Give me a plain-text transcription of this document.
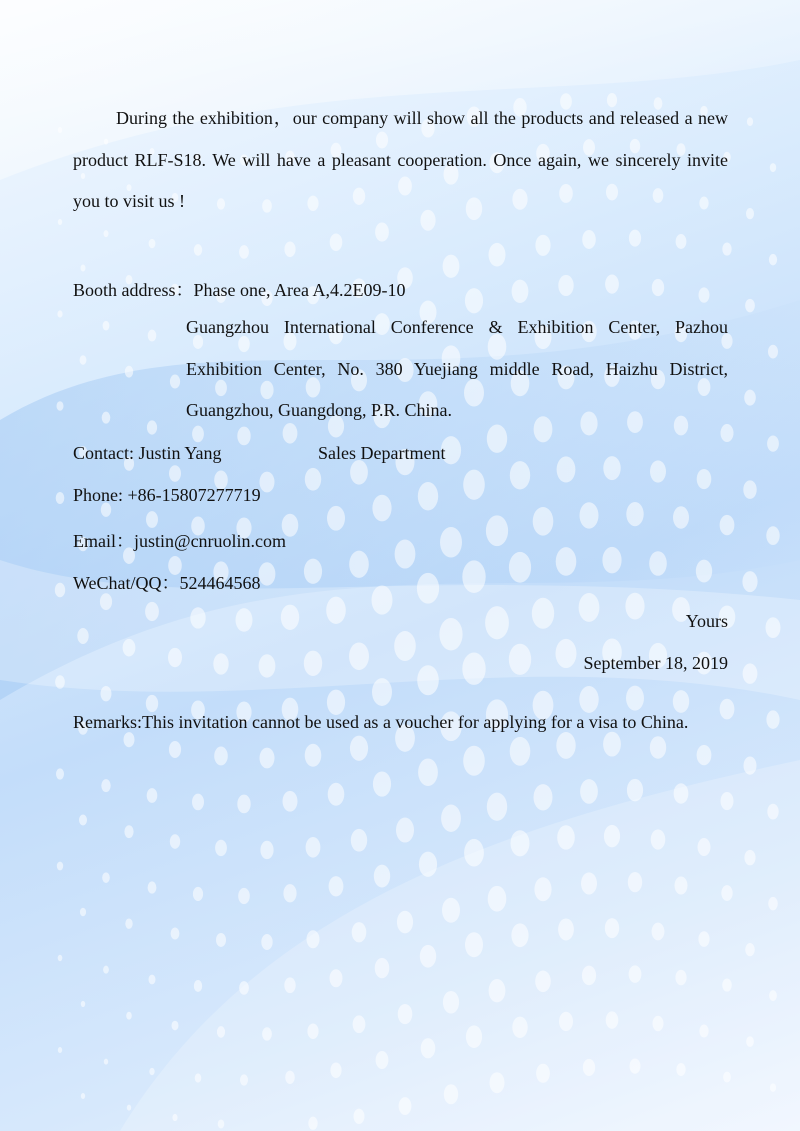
During the exhibition，our company will show all the products and released a new product RLF-S18. We will have a pleasant cooperation. Once again, we sincerely invite you to visit us !

Booth address：Phase one, Area A,4.2E09-10

Guangzhou International Conference & Exhibition Center, Pazhou Exhibition Center, No. 380 Yuejiang middle Road, Haizhu District, Guangzhou, Guangdong, P.R. China.

Contact: Justin Yang	Sales Department
Phone: +86-15807277719
Email：justin@cnruolin.com
WeChat/QQ：524464568
Yours
September 18, 2019

Remarks:This invitation cannot be used as a voucher for applying for a visa to China.
